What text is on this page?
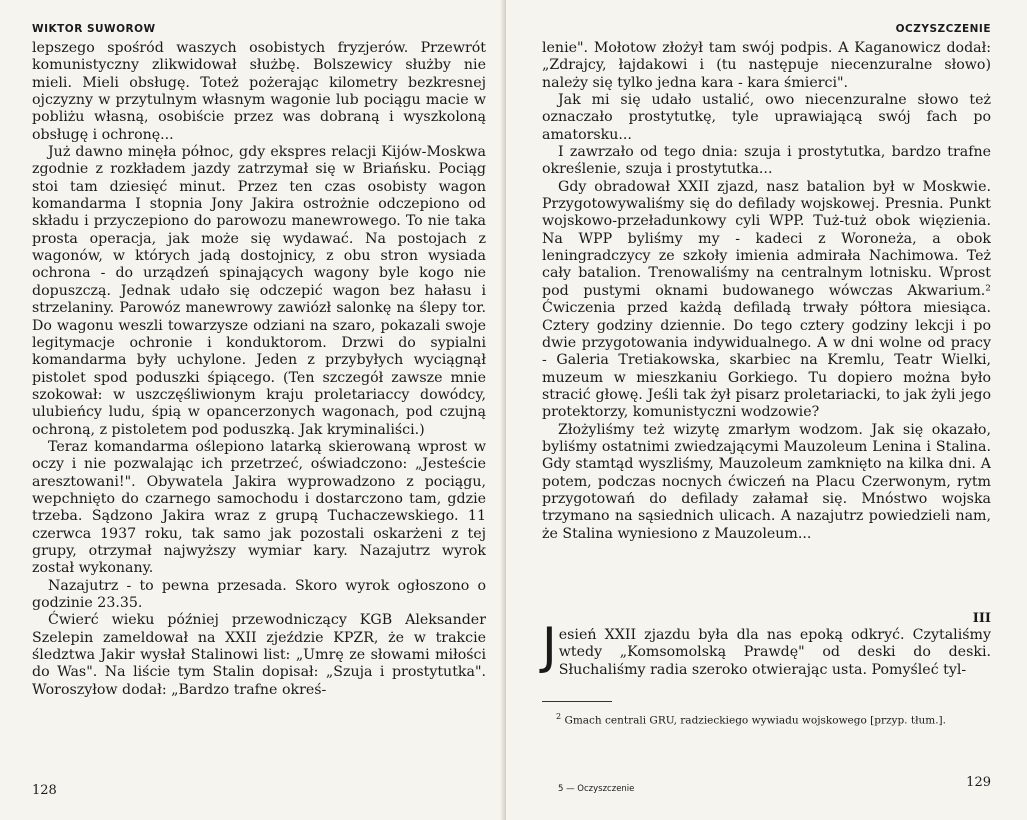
WIKTOR SUWOROW

lepszego spośród waszych osobistych fryzjerów. Przewrót komunistyczny zlikwidował służbę. Bolszewicy służby nie mieli. Mieli obsługę. Toteż pożerając kilometry bezkresnej ojczyzny w przytulnym własnym wagonie lub pociągu macie w pobliżu własną, osobiście przez was dobraną i wyszkoloną obsługę i ochronę...

Już dawno minęła północ, gdy ekspres relacji Kijów-Moskwa zgodnie z rozkładem jazdy zatrzymał się w Briańsku. Pociąg stoi tam dziesięć minut. Przez ten czas osobisty wagon komandarma I stopnia Jony Jakira ostrożnie odczepiono od składu i przyczepiono do parowozu manewrowego. To nie taka prosta operacja, jak może się wydawać. Na postojach z wagonów, w których jadą dostojnicy, z obu stron wysiada ochrona - do urządzeń spinających wagony byle kogo nie dopuszczą. Jednak udało się odczepić wagon bez hałasu i strzelaniny. Parowóz manewrowy zawiózł salonkę na ślepy tor. Do wagonu weszli towarzysze odziani na szaro, pokazali swoje legitymacje ochronie i konduktorom. Drzwi do sypialni komandarma były uchylone. Jeden z przybyłych wyciągnął pistolet spod poduszki śpiącego. (Ten szczegół zawsze mnie szokował: w uszczęśliwionym kraju proletariaccy dowódcy, ulubieńcy ludu, śpią w opancerzonych wagonach, pod czujną ochroną, z pistoletem pod poduszką. Jak kryminaliści.)

Teraz komandarma oślepiono latarką skierowaną wprost w oczy i nie pozwalając ich przetrzeć, oświadczono: „Jesteście aresztowani!". Obywatela Jakira wyprowadzono z pociągu, wepchnięto do czarnego samochodu i dostarczono tam, gdzie trzeba. Sądzono Jakira wraz z grupą Tuchaczewskiego. 11 czerwca 1937 roku, tak samo jak pozostali oskarżeni z tej grupy, otrzymał najwyższy wymiar kary. Nazajutrz wyrok został wykonany.

Nazajutrz - to pewna przesada. Skoro wyrok ogłoszono o godzinie 23.35.

Ćwierć wieku później przewodniczący KGB Aleksander Szelepin zameldował na XXII zjeździe KPZR, że w trakcie śledztwa Jakir wysłał Stalinowi list: „Umrę ze słowami miłości do Was". Na liście tym Stalin dopisał: „Szuja i prostytutka". Woroszyłow dodał: „Bardzo trafne okreś-

128
OCZYSZCZENIE

lenie". Mołotow złożył tam swój podpis. A Kaganowicz dodał: „Zdrajcy, łajdakowi i (tu następuje niecenzuralne słowo) należy się tylko jedna kara - kara śmierci".

Jak mi się udało ustalić, owo niecenzuralne słowo też oznaczało prostytutkę, tyle uprawiającą swój fach po amatorsku...

I zawrzało od tego dnia: szuja i prostytutka, bardzo trafne określenie, szuja i prostytutka...

Gdy obradował XXII zjazd, nasz batalion był w Moskwie. Przygotowywaliśmy się do defilady wojskowej. Presnia. Punkt wojskowo-przeładunkowy cyli WPP. Tuż-tuż obok więzienia. Na WPP byliśmy my - kadeci z Woroneża, a obok leningradczycy ze szkoły imienia admirała Nachimowa. Też cały batalion. Trenowaliśmy na centralnym lotnisku. Wprost pod pustymi oknami budowanego wówczas Akwarium.² Ćwiczenia przed każdą defiladą trwały półtora miesiąca. Cztery godziny dziennie. Do tego cztery godziny lekcji i po dwie przygotowania indywidualnego. A w dni wolne od pracy - Galeria Tretiakowska, skarbiec na Kremlu, Teatr Wielki, muzeum w mieszkaniu Gorkiego. Tu dopiero można było stracić głowę. Jeśli tak żył pisarz proletariacki, to jak żyli jego protektorzy, komunistyczni wodzowie?

Złożyliśmy też wizytę zmarłym wodzom. Jak się okazało, byliśmy ostatnimi zwiedzającymi Mauzoleum Lenina i Stalina. Gdy stamtąd wyszliśmy, Mauzoleum zamknięto na kilka dni. A potem, podczas nocnych ćwiczeń na Placu Czerwonym, rytm przygotowań do defilady załamał się. Mnóstwo wojska trzymano na sąsiednich ulicach. A nazajutrz powiedzieli nam, że Stalina wyniesiono z Mauzoleum...

III

Jesień XXII zjazdu była dla nas epoką odkryć. Czytaliśmy wtedy „Komsomolską Prawdę" od deski do deski. Słuchaliśmy radia szeroko otwierając usta. Pomyśleć tyl-

$^2$ Gmach centrali GRU, radzieckiego wywiadu wojskowego [przyp. tłum.].
5 — Oczyszczenie	129
